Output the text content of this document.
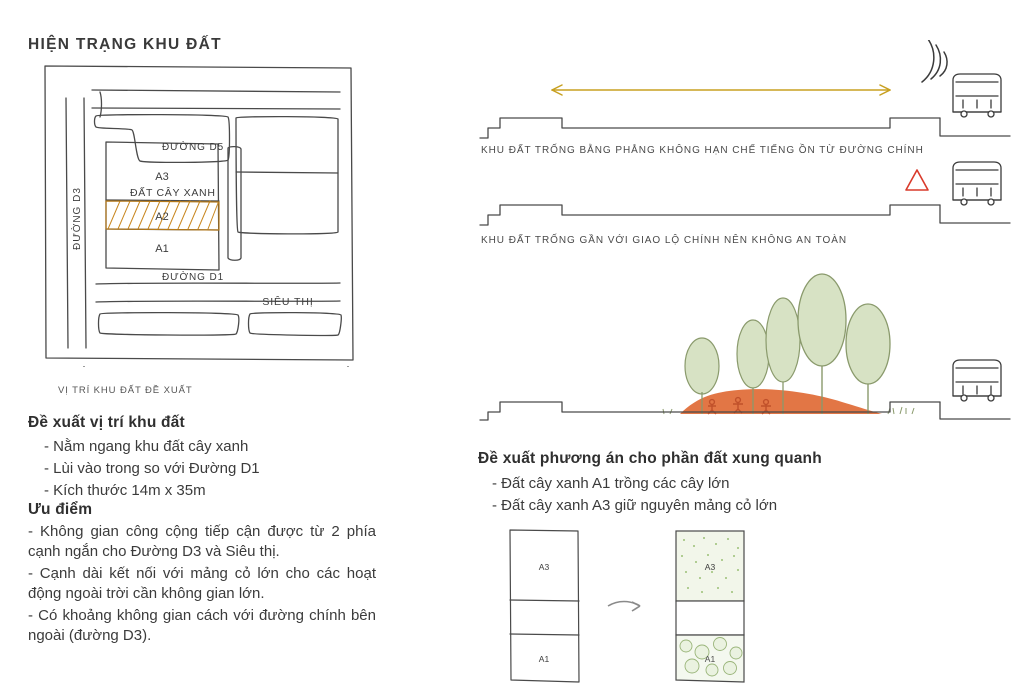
HIỆN TRẠNG KHU ĐẤT
ĐƯỜNG D5
ĐẤT CÂY XANH
SIÊU THỊ
ĐƯỜNG D1
A3
A2
A1
ĐƯỜNG D3
VỊ TRÍ KHU ĐẤT ĐỀ XUẤT
Đề xuất vị trí khu đất
- Nằm ngang khu đất cây xanh
- Lùi vào trong so với Đường D1
- Kích thước 14m x 35m
Ưu điểm

- Không gian công cộng tiếp cận được từ 2 phía cạnh ngắn cho Đường D3 và Siêu thị.

- Cạnh dài kết nối với mảng cỏ lớn cho các hoạt động ngoài trời cần không gian lớn.

- Có khoảng không gian cách với đường chính bên ngoài (đường D3).

KHU ĐẤT TRỐNG BẰNG PHẲNG KHÔNG HẠN CHẾ TIẾNG ỒN TỪ ĐƯỜNG CHÍNH
KHU ĐẤT TRỐNG GẦN VỚI GIAO LỘ CHÍNH NÊN KHÔNG AN TOÀN
Đề xuất phương án cho phần đất xung quanh
- Đất cây xanh A1 trồng các cây lớn
- Đất cây xanh A3 giữ nguyên mảng cỏ lớn
A3
A1
A3
A1
